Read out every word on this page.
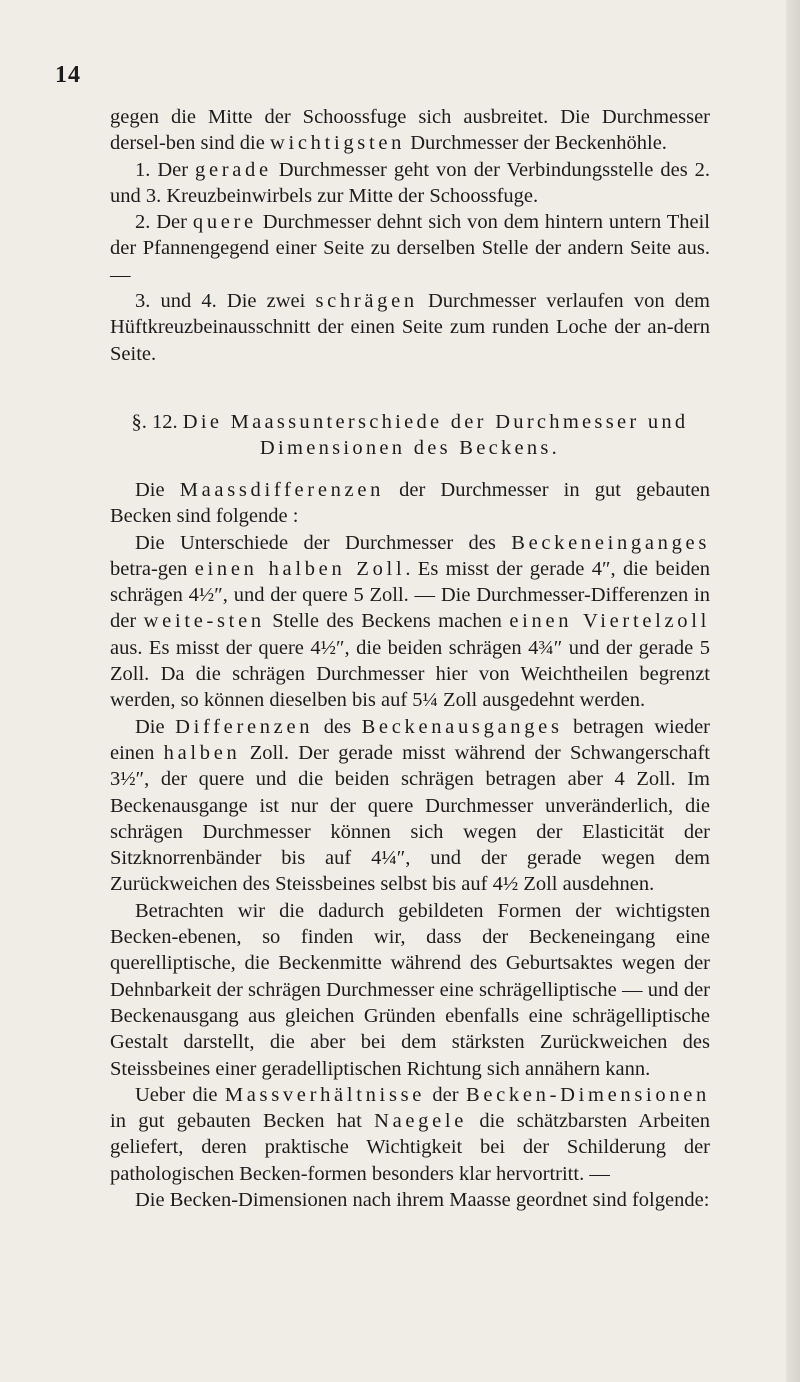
14

gegen die Mitte der Schoossfuge sich ausbreitet. Die Durchmesser dersel-ben sind die wichtigsten Durchmesser der Beckenhöhle.

1. Der gerade Durchmesser geht von der Verbindungsstelle des 2. und 3. Kreuzbeinwirbels zur Mitte der Schoossfuge.

2. Der quere Durchmesser dehnt sich von dem hintern untern Theil der Pfannengegend einer Seite zu derselben Stelle der andern Seite aus. —

3. und 4. Die zwei schrägen Durchmesser verlaufen von dem Hüftkreuzbeinausschnitt der einen Seite zum runden Loche der an-dern Seite.

§. 12. Die Maassunterschiede der Durchmesser und
Dimensionen des Beckens.

Die Maassdifferenzen der Durchmesser in gut gebauten Becken sind folgende :

Die Unterschiede der Durchmesser des Beckeneinganges betra-gen einen halben Zoll. Es misst der gerade 4″, die beiden schrägen 4½″, und der quere 5 Zoll. — Die Durchmesser-Differenzen in der weite-sten Stelle des Beckens machen einen Viertelzoll aus. Es misst der quere 4½″, die beiden schrägen 4¾″ und der gerade 5 Zoll. Da die schrägen Durchmesser hier von Weichtheilen begrenzt werden, so können dieselben bis auf 5¼ Zoll ausgedehnt werden.

Die Differenzen des Beckenausganges betragen wieder einen halben Zoll. Der gerade misst während der Schwangerschaft 3½″, der quere und die beiden schrägen betragen aber 4 Zoll. Im Beckenausgange ist nur der quere Durchmesser unveränderlich, die schrägen Durchmesser können sich wegen der Elasticität der Sitzknorrenbänder bis auf 4¼″, und der gerade wegen dem Zurückweichen des Steissbeines selbst bis auf 4½ Zoll ausdehnen.

Betrachten wir die dadurch gebildeten Formen der wichtigsten Becken-ebenen, so finden wir, dass der Beckeneingang eine querelliptische, die Beckenmitte während des Geburtsaktes wegen der Dehnbarkeit der schrägen Durchmesser eine schrägelliptische — und der Beckenausgang aus gleichen Gründen ebenfalls eine schrägelliptische Gestalt darstellt, die aber bei dem stärksten Zurückweichen des Steissbeines einer geradelliptischen Richtung sich annähern kann.

Ueber die Massverhältnisse der Becken-Dimensionen in gut gebauten Becken hat Naegele die schätzbarsten Arbeiten geliefert, deren praktische Wichtigkeit bei der Schilderung der pathologischen Becken-formen besonders klar hervortritt. —

Die Becken-Dimensionen nach ihrem Maasse geordnet sind folgende:
